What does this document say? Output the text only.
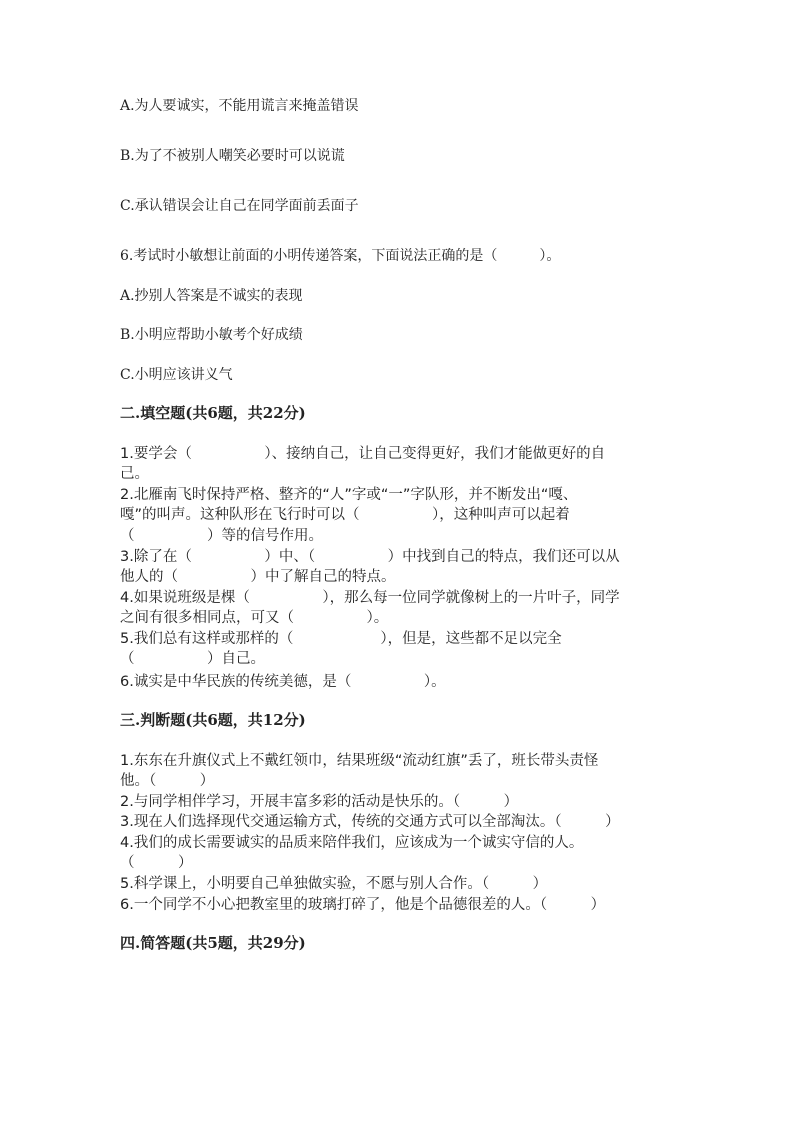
A.为人要诚实，不能用谎言来掩盖错误

B.为了不被别人嘲笑必要时可以说谎

C.承认错误会让自己在同学面前丢面子

6.考试时小敏想让前面的小明传递答案，下面说法正确的是（　　　）。

A.抄别人答案是不诚实的表现

B.小明应帮助小敏考个好成绩

C.小明应该讲义气

二.填空题(共6题，共22分)

1.要学会（　　　　　）、接纳自己，让自己变得更好，我们才能做更好的自

己。

2.北雁南飞时保持严格、整齐的“人”字或“一”字队形，并不断发出“嘎、

嘎”的叫声。这种队形在飞行时可以（　　　　　），这种叫声可以起着

（　　　　　）等的信号作用。

3.除了在（　　　　　）中、（　　　　　）中找到自己的特点，我们还可以从

他人的（　　　　　）中了解自己的特点。

4.如果说班级是棵（　　　　　），那么每一位同学就像树上的一片叶子，同学

之间有很多相同点，可又（　　　　　）。

5.我们总有这样或那样的（　　　　　　），但是，这些都不足以完全

（　　　　　）自己。

6.诚实是中华民族的传统美德，是（　　　　　）。

三.判断题(共6题，共12分)

1.东东在升旗仪式上不戴红领巾，结果班级“流动红旗”丢了，班长带头责怪

他。（　　　）

2.与同学相伴学习，开展丰富多彩的活动是快乐的。（　　　）

3.现在人们选择现代交通运输方式，传统的交通方式可以全部淘汰。（　　　）

4.我们的成长需要诚实的品质来陪伴我们，应该成为一个诚实守信的人。

（　　　）

5.科学课上，小明要自己单独做实验，不愿与别人合作。（　　　）

6.一个同学不小心把教室里的玻璃打碎了，他是个品德很差的人。（　　　）

四.简答题(共5题，共29分)
